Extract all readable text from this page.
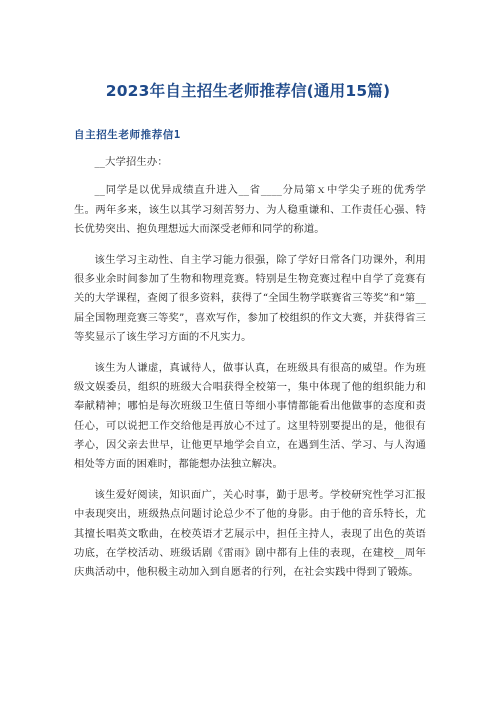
2023年自主招生老师推荐信(通用15篇)
自主招生老师推荐信1

__大学招生办：

__同学是以优异成绩直升进入__省____分局第ｘ中学尖子班的优秀学生。两年多来，该生以其学习刻苦努力、为人稳重谦和、工作责任心强、特长优势突出、抱负理想远大而深受老师和同学的称道。

该生学习主动性、自主学习能力很强，除了学好日常各门功课外，利用很多业余时间参加了生物和物理竞赛。特别是生物竞赛过程中自学了竞赛有关的大学课程，查阅了很多资料，获得了“全国生物学联赛省三等奖”和“第__届全国物理竞赛三等奖”，喜欢写作，参加了校组织的作文大赛，并获得省三等奖显示了该生学习方面的不凡实力。

该生为人谦虚，真诚待人，做事认真，在班级具有很高的威望。作为班级文娱委员，组织的班级大合唱获得全校第一，集中体现了他的组织能力和奉献精神；哪怕是每次班级卫生值日等细小事情都能看出他做事的态度和责任心，可以说把工作交给他是再放心不过了。这里特别要提出的是，他很有孝心，因父亲去世早，让他更早地学会自立，在遇到生活、学习、与人沟通相处等方面的困难时，都能想办法独立解决。

该生爱好阅读，知识面广，关心时事，勤于思考。学校研究性学习汇报中表现突出，班级热点问题讨论总少不了他的身影。由于他的音乐特长，尤其擅长唱英文歌曲，在校英语才艺展示中，担任主持人，表现了出色的英语功底，在学校活动、班级话剧《雷雨》剧中都有上佳的表现，在建校__周年庆典活动中，他积极主动加入到自愿者的行列，在社会实践中得到了锻炼。
